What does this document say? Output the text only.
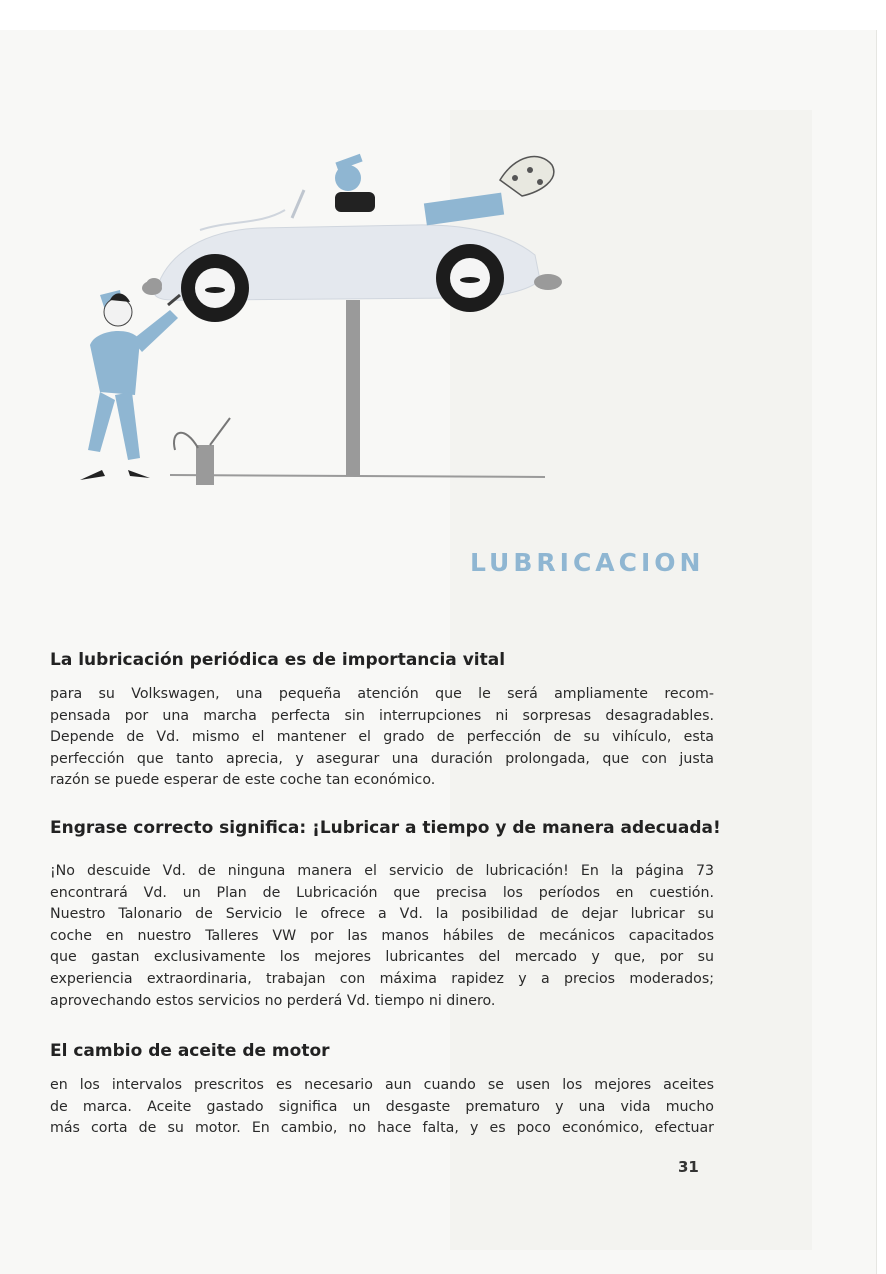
LUBRICACION
La lubricación periódica es de importancia vital
para su Volkswagen, una pequeña atención que le será ampliamente recom-
pensada por una marcha perfecta sin interrupciones ni sorpresas desagradables.
Depende de Vd. mismo el mantener el grado de perfección de su vihículo, esta
perfección que tanto aprecia, y asegurar una duración prolongada, que con justa
razón se puede esperar de este coche tan económico.
Engrase correcto significa: ¡Lubricar a tiempo y de manera adecuada!
¡No descuide Vd. de ninguna manera el servicio de lubricación! En la página 73
encontrará Vd. un Plan de Lubricación que precisa los períodos en cuestión.
Nuestro Talonario de Servicio le ofrece a Vd. la posibilidad de dejar lubricar su
coche en nuestro Talleres VW por las manos hábiles de mecánicos capacitados
que gastan exclusivamente los mejores lubricantes del mercado y que, por su
experiencia extraordinaria, trabajan con máxima rapidez y a precios moderados;
aprovechando estos servicios no perderá Vd. tiempo ni dinero.
El cambio de aceite de motor
en los intervalos prescritos es necesario aun cuando se usen los mejores aceites
de marca. Aceite gastado significa un desgaste prematuro y una vida mucho
más corta de su motor. En cambio, no hace falta, y es poco económico, efectuar
31
